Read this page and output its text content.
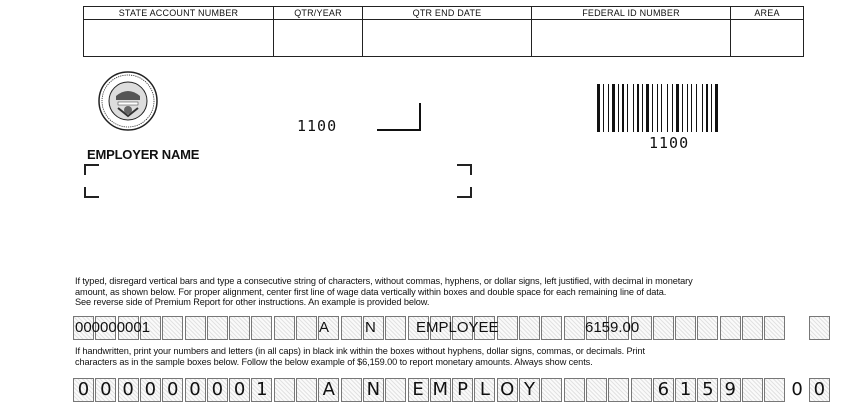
STATE ACCOUNT NUMBER	QTR/YEAR	QTR END DATE	FEDERAL ID NUMBER	AREA
1100
1100
EMPLOYER NAME
If typed, disregard vertical bars and type a consecutive string of characters, without commas, hyphens, or dollar signs, left justified, with decimal in monetary
amount, as shown below. For proper alignment, center first line of wage data vertically within boxes and double space for each remaining line of data.
See reverse side of Premium Report for other instructions. An example is provided below.
000000001	A N	EMPLOYEE	6159.00
If handwritten, print your numbers and letters (in all caps) in black ink within the boxes without hyphens, dollar signs, commas, or decimals. Print
characters as in the sample boxes below. Follow the below example of $6,159.00 to report monetary amounts. Always show cents.
0 0 0 0 0 0 0 0 1	A N E M P L O Y	6 1 5 9	0 0
